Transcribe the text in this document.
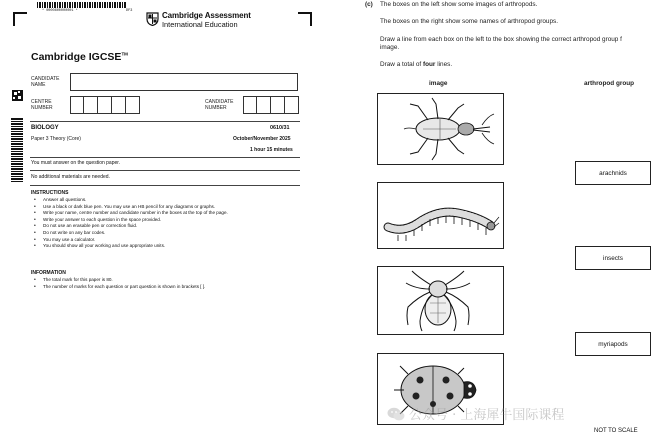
* 0000800000001 *	DF3	Cambridge Assessment
International Education
Cambridge IGCSE™
CANDIDATE NAME
CENTRE NUMBER
CANDIDATE NUMBER
BIOLOGY	0610/31
Paper 3 Theory (Core)	October/November 2025
1 hour 15 minutes
You must answer on the question paper.
No additional materials are needed.
INSTRUCTIONS
• Answer all questions.
• Use a black or dark blue pen. You may use an HB pencil for any diagrams or graphs.
• Write your name, centre number and candidate number in the boxes at the top of the page.
• Write your answer to each question in the space provided.
• Do not use an erasable pen or correction fluid.
• Do not write on any bar codes.
• You may use a calculator.
• You should show all your working and use appropriate units.
INFORMATION
• The total mark for this paper is 80.
• The number of marks for each question or part question is shown in brackets [ ].
(c) The boxes on the left show some images of arthropods.
The boxes on the right show some names of arthropod groups.
Draw a line from each box on the left to the box showing the correct arthropod group f
image.
Draw a total of four lines.
image	arthropod group
arachnids
insects
myriapods
公众号 · 上海犀牛国际课程
NOT TO SCALE
